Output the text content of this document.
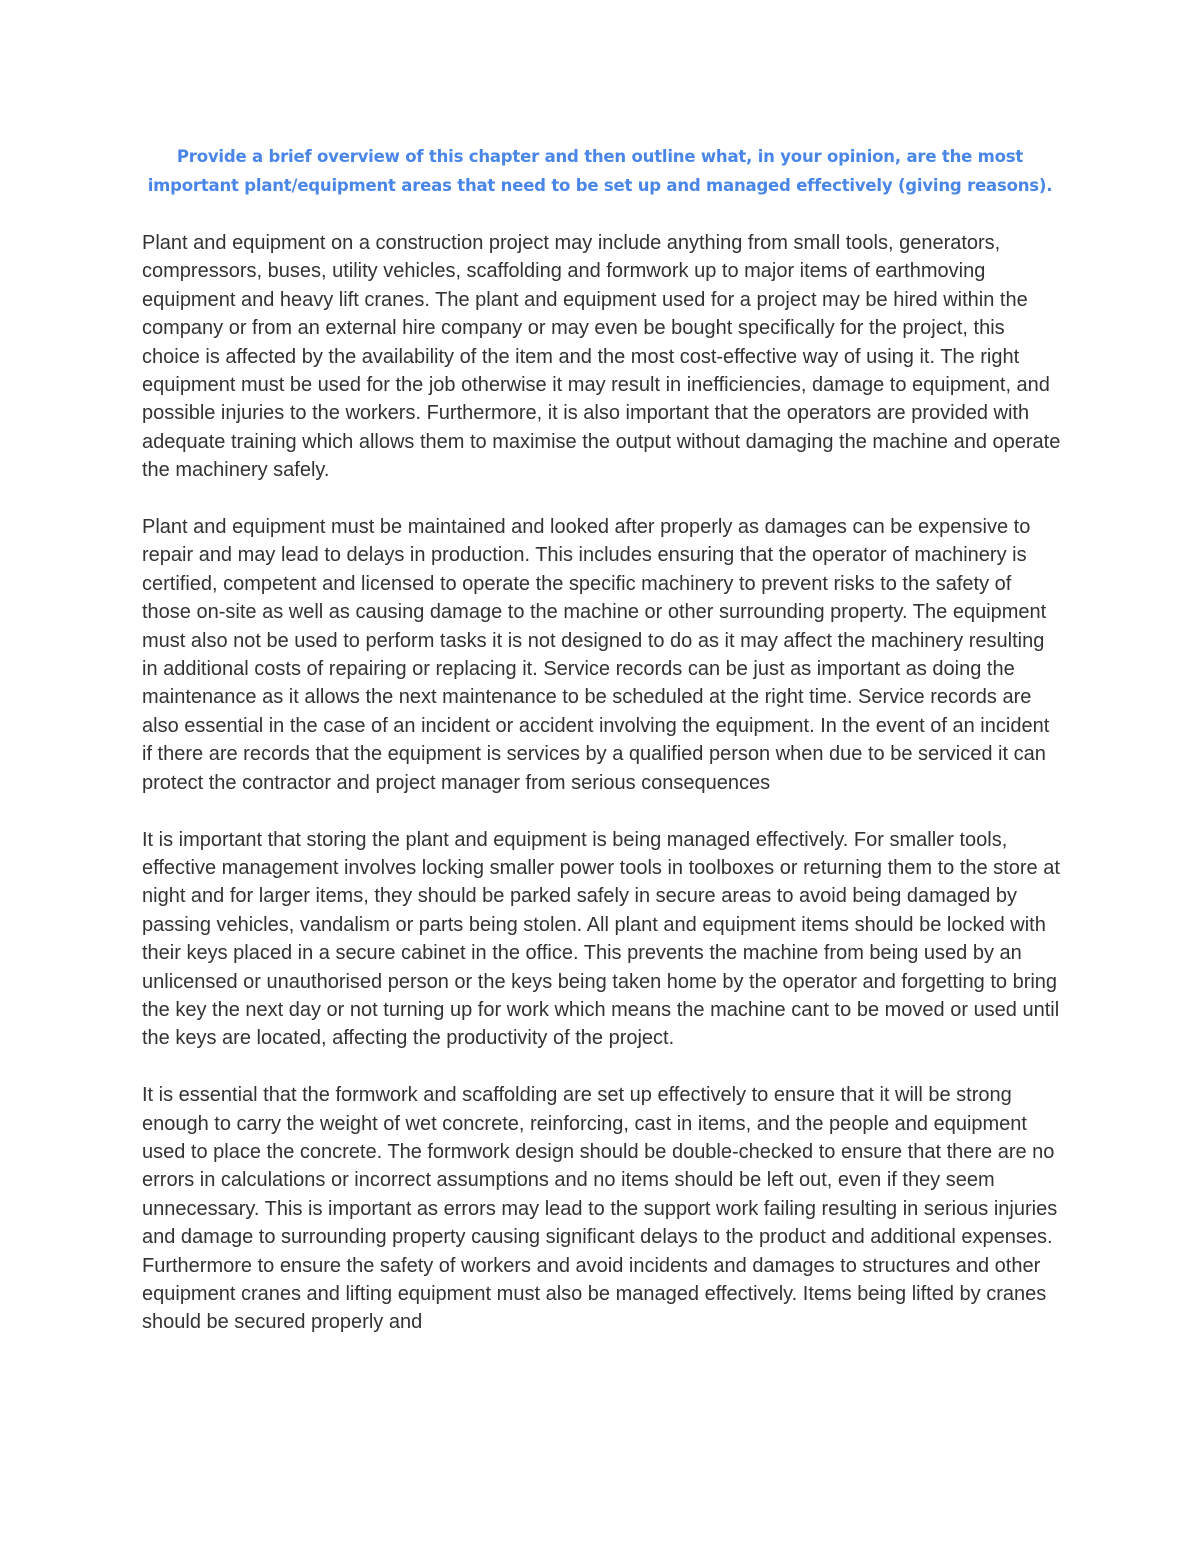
Provide a brief overview of this chapter and then outline what, in your opinion, are the most important plant/equipment areas that need to be set up and managed effectively (giving reasons).

Plant and equipment on a construction project may include anything from small tools, generators, compressors, buses, utility vehicles, scaffolding and formwork up to major items of earthmoving equipment and heavy lift cranes. The plant and equipment used for a project may be hired within the company or from an external hire company or may even be bought specifically for the project, this choice is affected by the availability of the item and the most cost-effective way of using it. The right equipment must be used for the job otherwise it may result in inefficiencies, damage to equipment, and possible injuries to the workers. Furthermore, it is also important that the operators are provided with adequate training which allows them to maximise the output without damaging the machine and operate the machinery safely.

Plant and equipment must be maintained and looked after properly as damages can be expensive to repair and may lead to delays in production. This includes ensuring that the operator of machinery is certified, competent and licensed to operate the specific machinery to prevent risks to the safety of those on-site as well as causing damage to the machine or other surrounding property. The equipment must also not be used to perform tasks it is not designed to do as it may affect the machinery resulting in additional costs of repairing or replacing it. Service records can be just as important as doing the maintenance as it allows the next maintenance to be scheduled at the right time. Service records are also essential in the case of an incident or accident involving the equipment. In the event of an incident if there are records that the equipment is services by a qualified person when due to be serviced it can protect the contractor and project manager from serious consequences

It is important that storing the plant and equipment is being managed effectively. For smaller tools, effective management involves locking smaller power tools in toolboxes or returning them to the store at night and for larger items, they should be parked safely in secure areas to avoid being damaged by passing vehicles, vandalism or parts being stolen. All plant and equipment items should be locked with their keys placed in a secure cabinet in the office. This prevents the machine from being used by an unlicensed or unauthorised person or the keys being taken home by the operator and forgetting to bring the key the next day or not turning up for work which means the machine cant to be moved or used until the keys are located, affecting the productivity of the project.

It is essential that the formwork and scaffolding are set up effectively to ensure that it will be strong enough to carry the weight of wet concrete, reinforcing, cast in items, and the people and equipment used to place the concrete. The formwork design should be double-checked to ensure that there are no errors in calculations or incorrect assumptions and no items should be left out, even if they seem unnecessary. This is important as errors may lead to the support work failing resulting in serious injuries and damage to surrounding property causing significant delays to the product and additional expenses. Furthermore to ensure the safety of workers and avoid incidents and damages to structures and other equipment cranes and lifting equipment must also be managed effectively. Items being lifted by cranes should be secured properly and
